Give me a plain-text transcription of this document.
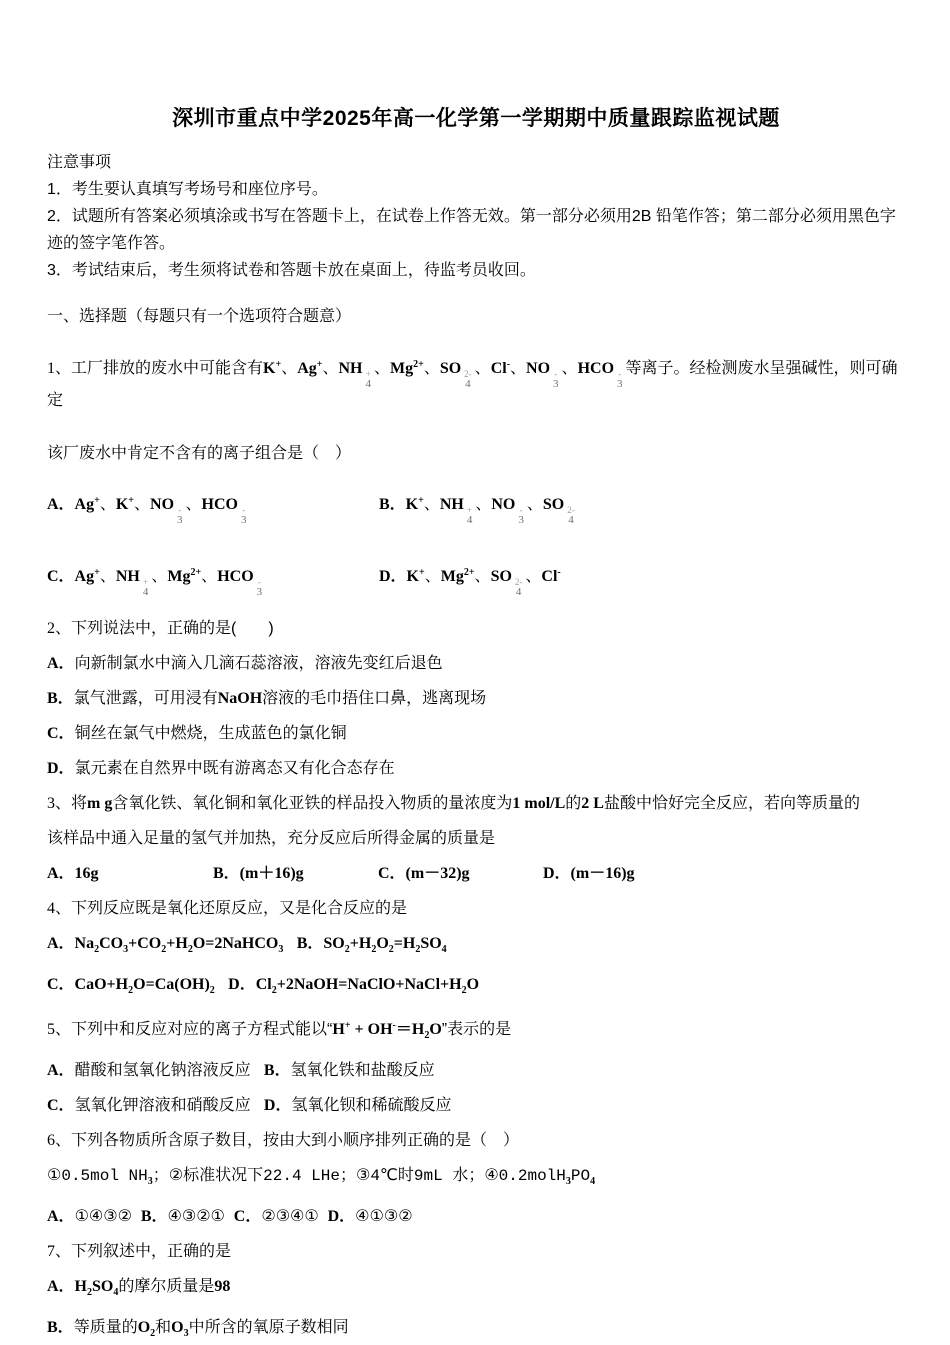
深圳市重点中学2025年高一化学第一学期期中质量跟踪监视试题

注意事项

1．考生要认真填写考场号和座位序号。

2．试题所有答案必须填涂或书写在答题卡上，在试卷上作答无效。第一部分必须用2B 铅笔作答；第二部分必须用黑色字迹的签字笔作答。

3．考试结束后，考生须将试卷和答题卡放在桌面上，待监考员收回。

一、选择题（每题只有一个选项符合题意）

1、工厂排放的废水中可能含有K+、Ag+、NH +
4
、$Mg^{2+}$、SO 2-
4
、Cl-、NO -
3
、HCO -
3
等离子。经检测废水呈强碱性，则可确定

该厂废水中肯定不含有的离子组合是（　）

A．Ag+、K+、NO -
3
、HCO -
3
B．K+、NH +
4
、NO -
3
、SO 2-
4
C．Ag+、NH +
4
、$Mg^{2+}$、HCO -
3
D．K+、$Mg^{2+}$、SO 2-
4
、Cl-

2、下列说法中，正确的是(　　)

A．向新制氯水中滴入几滴石蕊溶液，溶液先变红后退色

B．氯气泄露，可用浸有NaOH溶液的毛巾捂住口鼻，逃离现场

C．铜丝在氯气中燃烧，生成蓝色的氯化铜

D．氯元素在自然界中既有游离态又有化合态存在

3、将m g含氧化铁、氧化铜和氧化亚铁的样品投入物质的量浓度为1 mol/L的2 L盐酸中恰好完全反应，若向等质量的

该样品中通入足量的氢气并加热，充分反应后所得金属的质量是

A．16g	B．(m＋16)g	C．(m－32)g	D．(m－16)g

4、下列反应既是氧化还原反应，又是化合反应的是

A．$Na_2CO_3+CO_2+H_2O=2NaHCO_3$ B．$SO_2+H_2O_2=H_2SO_4$

C．$CaO+H_2O=Ca(OH)_2$ D．$Cl_2+2NaOH=NaClO+NaCl+H_2O$

5、下列中和反应对应的离子方程式能以“$H^+ + OH^-=H_2O$”表示的是

A．醋酸和氢氧化钠溶液反应 B．氢氧化铁和盐酸反应

C．氢氧化钾溶液和硝酸反应 D．氢氧化钡和稀硫酸反应

6、下列各物质所含原子数目，按由大到小顺序排列正确的是（　）

①0.5mol $NH_3$；②标准状况下22.4 LHe；③4℃时9mL 水；$④0.2molH_3PO_4$

A．①④③② B．④③②① C．②③④① D．④①③②

7、下列叙述中，正确的是

A．$H_2SO_4$的摩尔质量是98

B．等质量的$O_2$和$O_3$中所含的氧原子数相同
